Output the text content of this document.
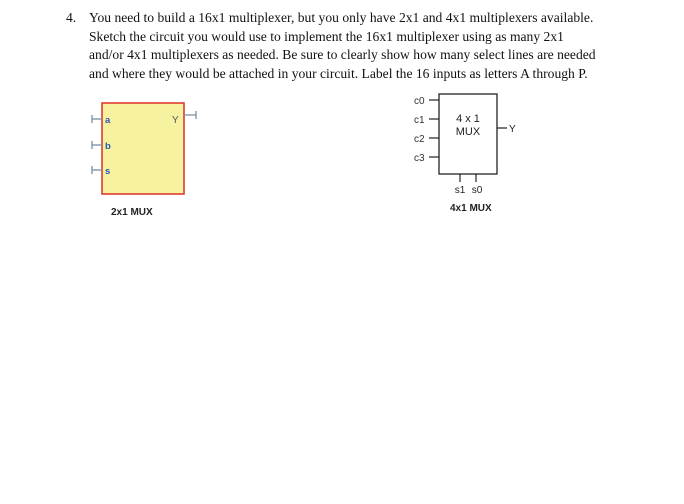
4. You need to build a 16x1 multiplexer, but you only have 2x1 and 4x1 multiplexers available.
Sketch the circuit you would use to implement the 16x1 multiplexer using as many 2x1
and/or 4x1 multiplexers as needed. Be sure to clearly show how many select lines are needed
and where they would be attached in your circuit. Label the 16 inputs as letters A through P.
a
b
s
Y
2x1 MUX
c0
c1
c2
c3
4 x 1
MUX	Y
s1 s0
4x1 MUX
